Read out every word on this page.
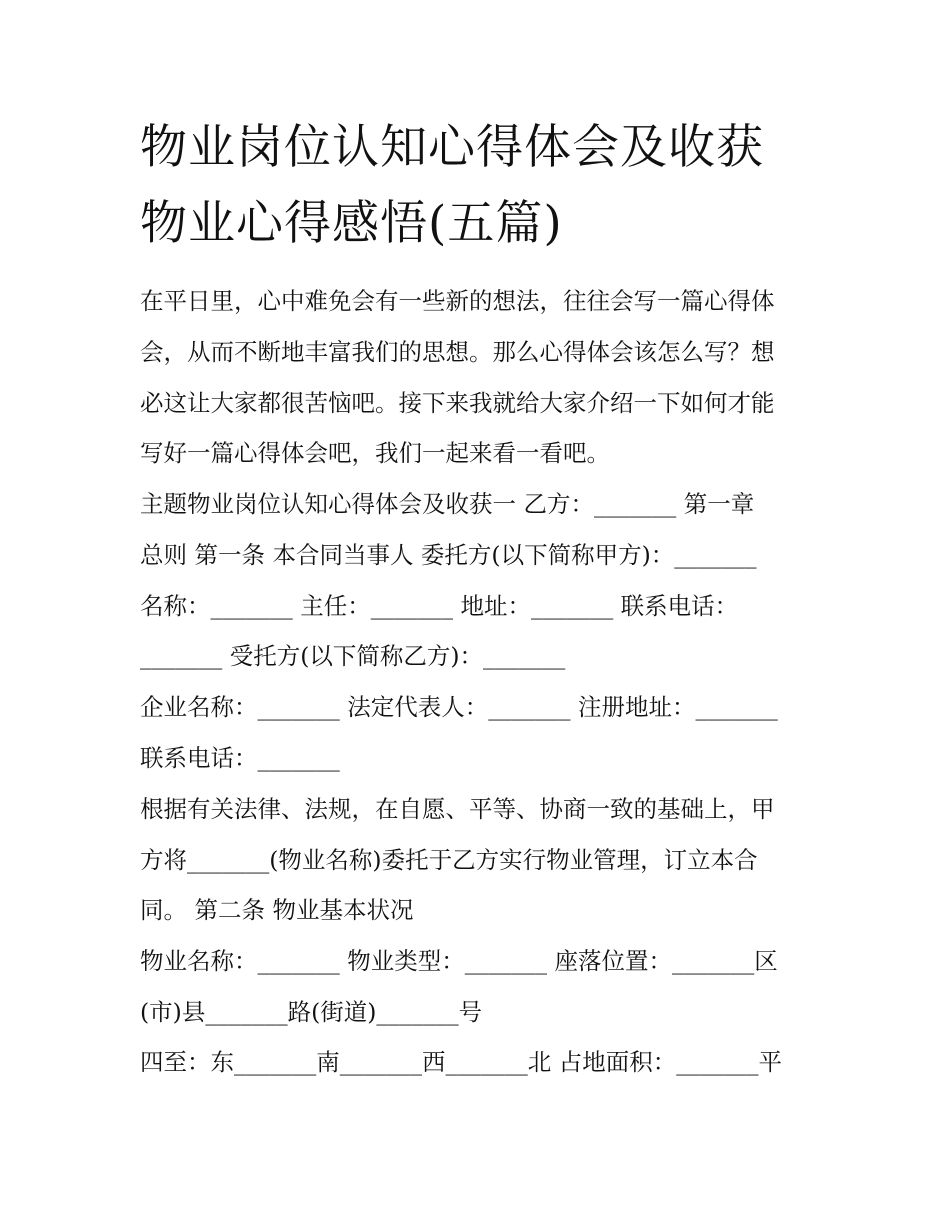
物业岗位认知心得体会及收获
物业心得感悟(五篇)
在平日里，心中难免会有一些新的想法，往往会写一篇心得体
会，从而不断地丰富我们的思想。那么心得体会该怎么写？想
必这让大家都很苦恼吧。接下来我就给大家介绍一下如何才能
写好一篇心得体会吧，我们一起来看一看吧。
主题物业岗位认知心得体会及收获一 乙方：_______ 第一章
总则 第一条 本合同当事人 委托方(以下简称甲方)：_______
名称：_______ 主任：_______ 地址：_______ 联系电话：
_______ 受托方(以下简称乙方)：_______
企业名称：_______ 法定代表人：_______ 注册地址：_______
联系电话：_______
根据有关法律、法规，在自愿、平等、协商一致的基础上，甲
方将_______(物业名称)委托于乙方实行物业管理，订立本合
同。 第二条 物业基本状况
物业名称：_______ 物业类型：_______ 座落位置：_______区
(市)县_______路(街道)_______号
四至：东_______南_______西_______北 占地面积：_______平
